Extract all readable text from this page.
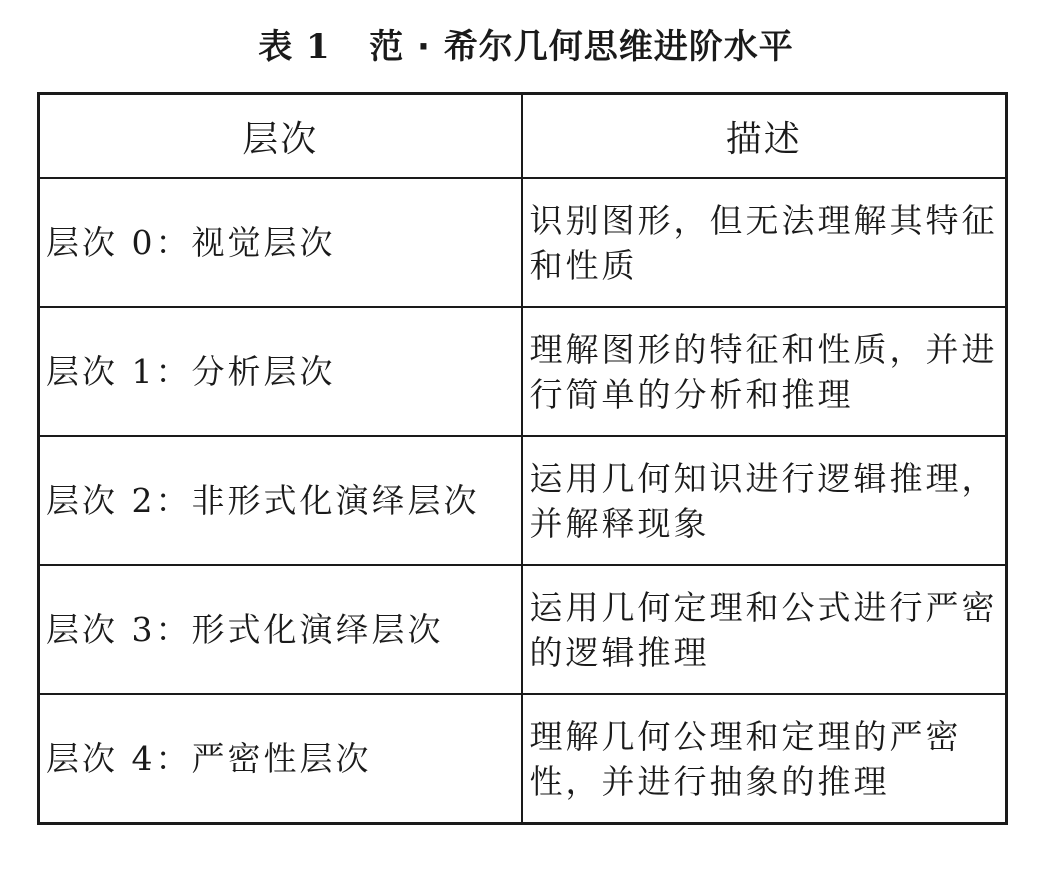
表 1 范 · 希尔几何思维进阶水平
层次	描述
层次 0：视觉层次	识别图形，但无法理解其特征和性质
层次 1：分析层次	理解图形的特征和性质，并进行简单的分析和推理
层次 2：非形式化演绎层次	运用几何知识进行逻辑推理，并解释现象
层次 3：形式化演绎层次	运用几何定理和公式进行严密的逻辑推理
层次 4：严密性层次	理解几何公理和定理的严密性，并进行抽象的推理
